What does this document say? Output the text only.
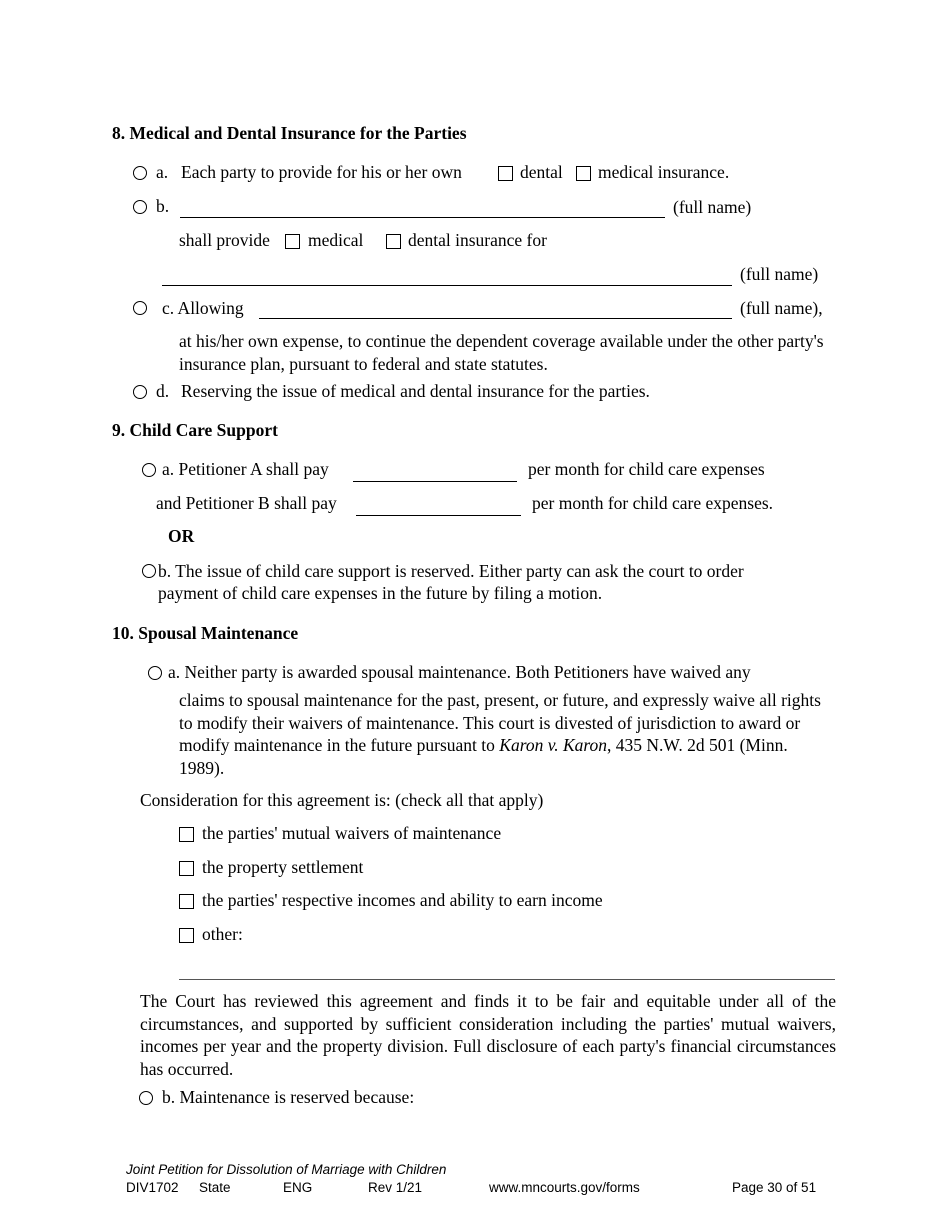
8. Medical and Dental Insurance for the Parties
a. Each party to provide for his or her own	dental medical insurance.
b.	(full name)
shall provide medical	dental insurance for
(full name)
c. Allowing	(full name),
at his/her own expense, to continue the dependent coverage available under the other party's insurance plan, pursuant to federal and state statutes.
d. Reserving the issue of medical and dental insurance for the parties.
9. Child Care Support
a. Petitioner A shall pay	per month for child care expenses
and Petitioner B shall pay	per month for child care expenses.
OR
b. The issue of child care support is reserved. Either party can ask the court to order
payment of child care expenses in the future by filing a motion.
10. Spousal Maintenance
a. Neither party is awarded spousal maintenance. Both Petitioners have waived any
claims to spousal maintenance for the past, present, or future, and expressly waive all rights to modify their waivers of maintenance. This court is divested of jurisdiction to award or modify maintenance in the future pursuant to Karon v. Karon, 435 N.W. 2d 501 (Minn. 1989).
Consideration for this agreement is: (check all that apply)
the parties' mutual waivers of maintenance
the property settlement
the parties' respective incomes and ability to earn income
other:
The Court has reviewed this agreement and finds it to be fair and equitable under all of the circumstances, and supported by sufficient consideration including the parties' mutual waivers, incomes per year and the property division. Full disclosure of each party's financial circumstances has occurred.
b. Maintenance is reserved because:
Joint Petition for Dissolution of Marriage with Children
DIV1702 State	ENG	Rev 1/21	www.mncourts.gov/forms	Page 30 of 51
